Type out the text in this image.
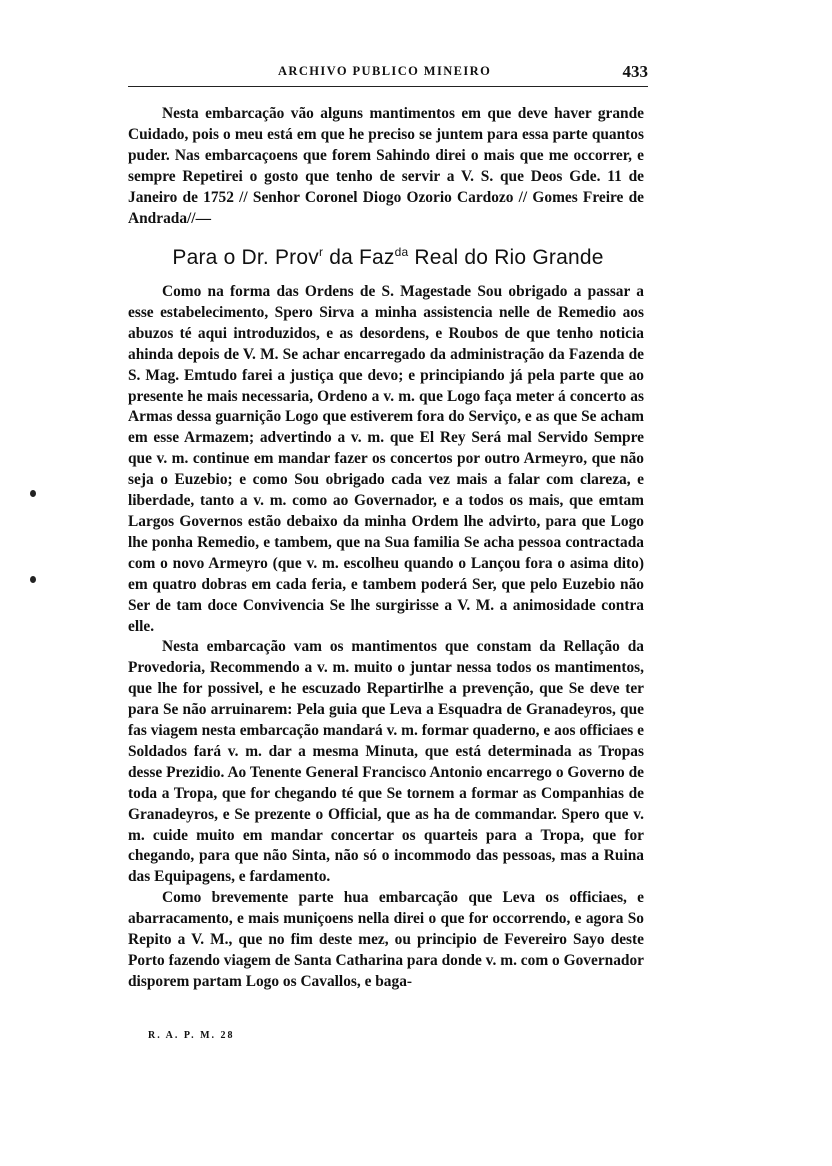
ARCHIVO PUBLICO MINEIRO	433

Nesta embarcação vão alguns mantimentos em que deve haver grande Cuidado, pois o meu está em que he preciso se juntem para essa parte quantos puder. Nas embarcaçoens que forem Sahindo direi o mais que me occorrer, e sempre Repetirei o gosto que tenho de servir a V. S. que Deos Gde. 11 de Janeiro de 1752 // Senhor Coronel Diogo Ozorio Cardozo // Gomes Freire de Andrada//—

Para o Dr. Prov$^r$ da Faz$^{da}$ Real do Rio Grande

Como na forma das Ordens de S. Magestade Sou obrigado a passar a esse estabelecimento, Spero Sirva a minha assistencia nelle de Remedio aos abuzos té aqui introduzidos, e as desordens, e Roubos de que tenho noticia ahinda depois de V. M. Se achar encarregado da administração da Fazenda de S. Mag. Emtudo farei a justiça que devo; e principiando já pela parte que ao presente he mais necessaria, Ordeno a v. m. que Logo faça meter á concerto as Armas dessa guarnição Logo que estiverem fora do Serviço, e as que Se acham em esse Armazem; advertindo a v. m. que El Rey Será mal Servido Sempre que v. m. continue em mandar fazer os concertos por outro Armeyro, que não seja o Euzebio; e como Sou obrigado cada vez mais a falar com clareza, e liberdade, tanto a v. m. como ao Governador, e a todos os mais, que emtam Largos Governos estão debaixo da minha Ordem lhe advirto, para que Logo lhe ponha Remedio, e tambem, que na Sua familia Se acha pessoa contractada com o novo Armeyro (que v. m. escolheu quando o Lançou fora o asima dito) em quatro dobras em cada feria, e tambem poderá Ser, que pelo Euzebio não Ser de tam doce Convivencia Se lhe surgirisse a V. M. a animosidade contra elle.

Nesta embarcação vam os mantimentos que constam da Rellação da Provedoria, Recommendo a v. m. muito o juntar nessa todos os mantimentos, que lhe for possivel, e he escuzado Repartirlhe a prevenção, que Se deve ter para Se não arruinarem: Pela guia que Leva a Esquadra de Granadeyros, que fas viagem nesta embarcação mandará v. m. formar quaderno, e aos officiaes e Soldados fará v. m. dar a mesma Minuta, que está determinada as Tropas desse Prezidio. Ao Tenente General Francisco Antonio encarrego o Governo de toda a Tropa, que for chegando té que Se tornem a formar as Companhias de Granadeyros, e Se prezente o Official, que as ha de commandar. Spero que v. m. cuide muito em mandar concertar os quarteis para a Tropa, que for chegando, para que não Sinta, não só o incommodo das pessoas, mas a Ruina das Equipagens, e fardamento.

Como brevemente parte hua embarcação que Leva os officiaes, e abarracamento, e mais muniçoens nella direi o que for occorrendo, e agora So Repito a V. M., que no fim deste mez, ou principio de Fevereiro Sayo deste Porto fazendo viagem de Santa Catharina para donde v. m. com o Governador disporem partam Logo os Cavallos, e baga-

R. A. P. M. 28
